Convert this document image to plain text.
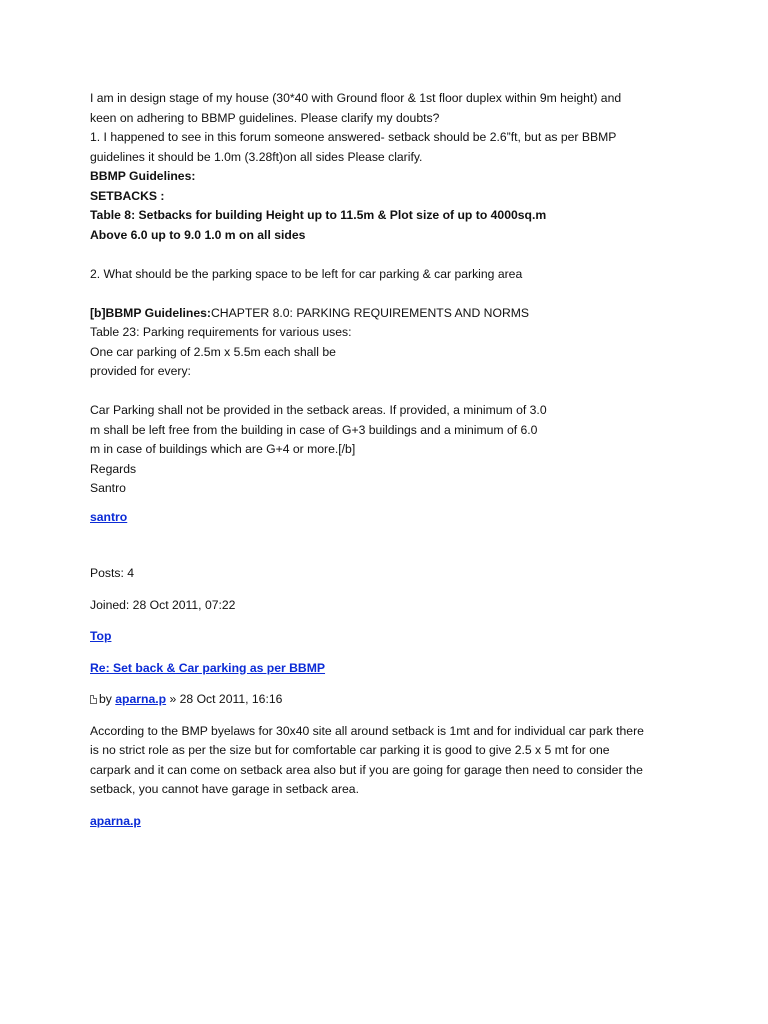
I am in design stage of my house (30*40 with Ground floor & 1st floor duplex within 9m height) and
keen on adhering to BBMP guidelines. Please clarify my doubts?
1. I happened to see in this forum someone answered- setback should be 2.6”ft, but as per BBMP
guidelines it should be 1.0m (3.28ft)on all sides Please clarify.
BBMP Guidelines:
SETBACKS :
Table 8: Setbacks for building Height up to 11.5m & Plot size of up to 4000sq.m
Above 6.0 up to 9.0 1.0 m on all sides
2. What should be the parking space to be left for car parking & car parking area
[b]BBMP Guidelines:CHAPTER 8.0: PARKING REQUIREMENTS AND NORMS
Table 23: Parking requirements for various uses:
One car parking of 2.5m x 5.5m each shall be
provided for every:
Car Parking shall not be provided in the setback areas. If provided, a minimum of 3.0
m shall be left free from the building in case of G+3 buildings and a minimum of 6.0
m in case of buildings which are G+4 or more.[/b]
Regards
Santro
santro
Posts: 4
Joined: 28 Oct 2011, 07:22
Top
Re: Set back & Car parking as per BBMP
by aparna.p » 28 Oct 2011, 16:16
According to the BMP byelaws for 30x40 site all around setback is 1mt and for individual car park there
is no strict role as per the size but for comfortable car parking it is good to give 2.5 x 5 mt for one
carpark and it can come on setback area also but if you are going for garage then need to consider the
setback, you cannot have garage in setback area.
aparna.p
